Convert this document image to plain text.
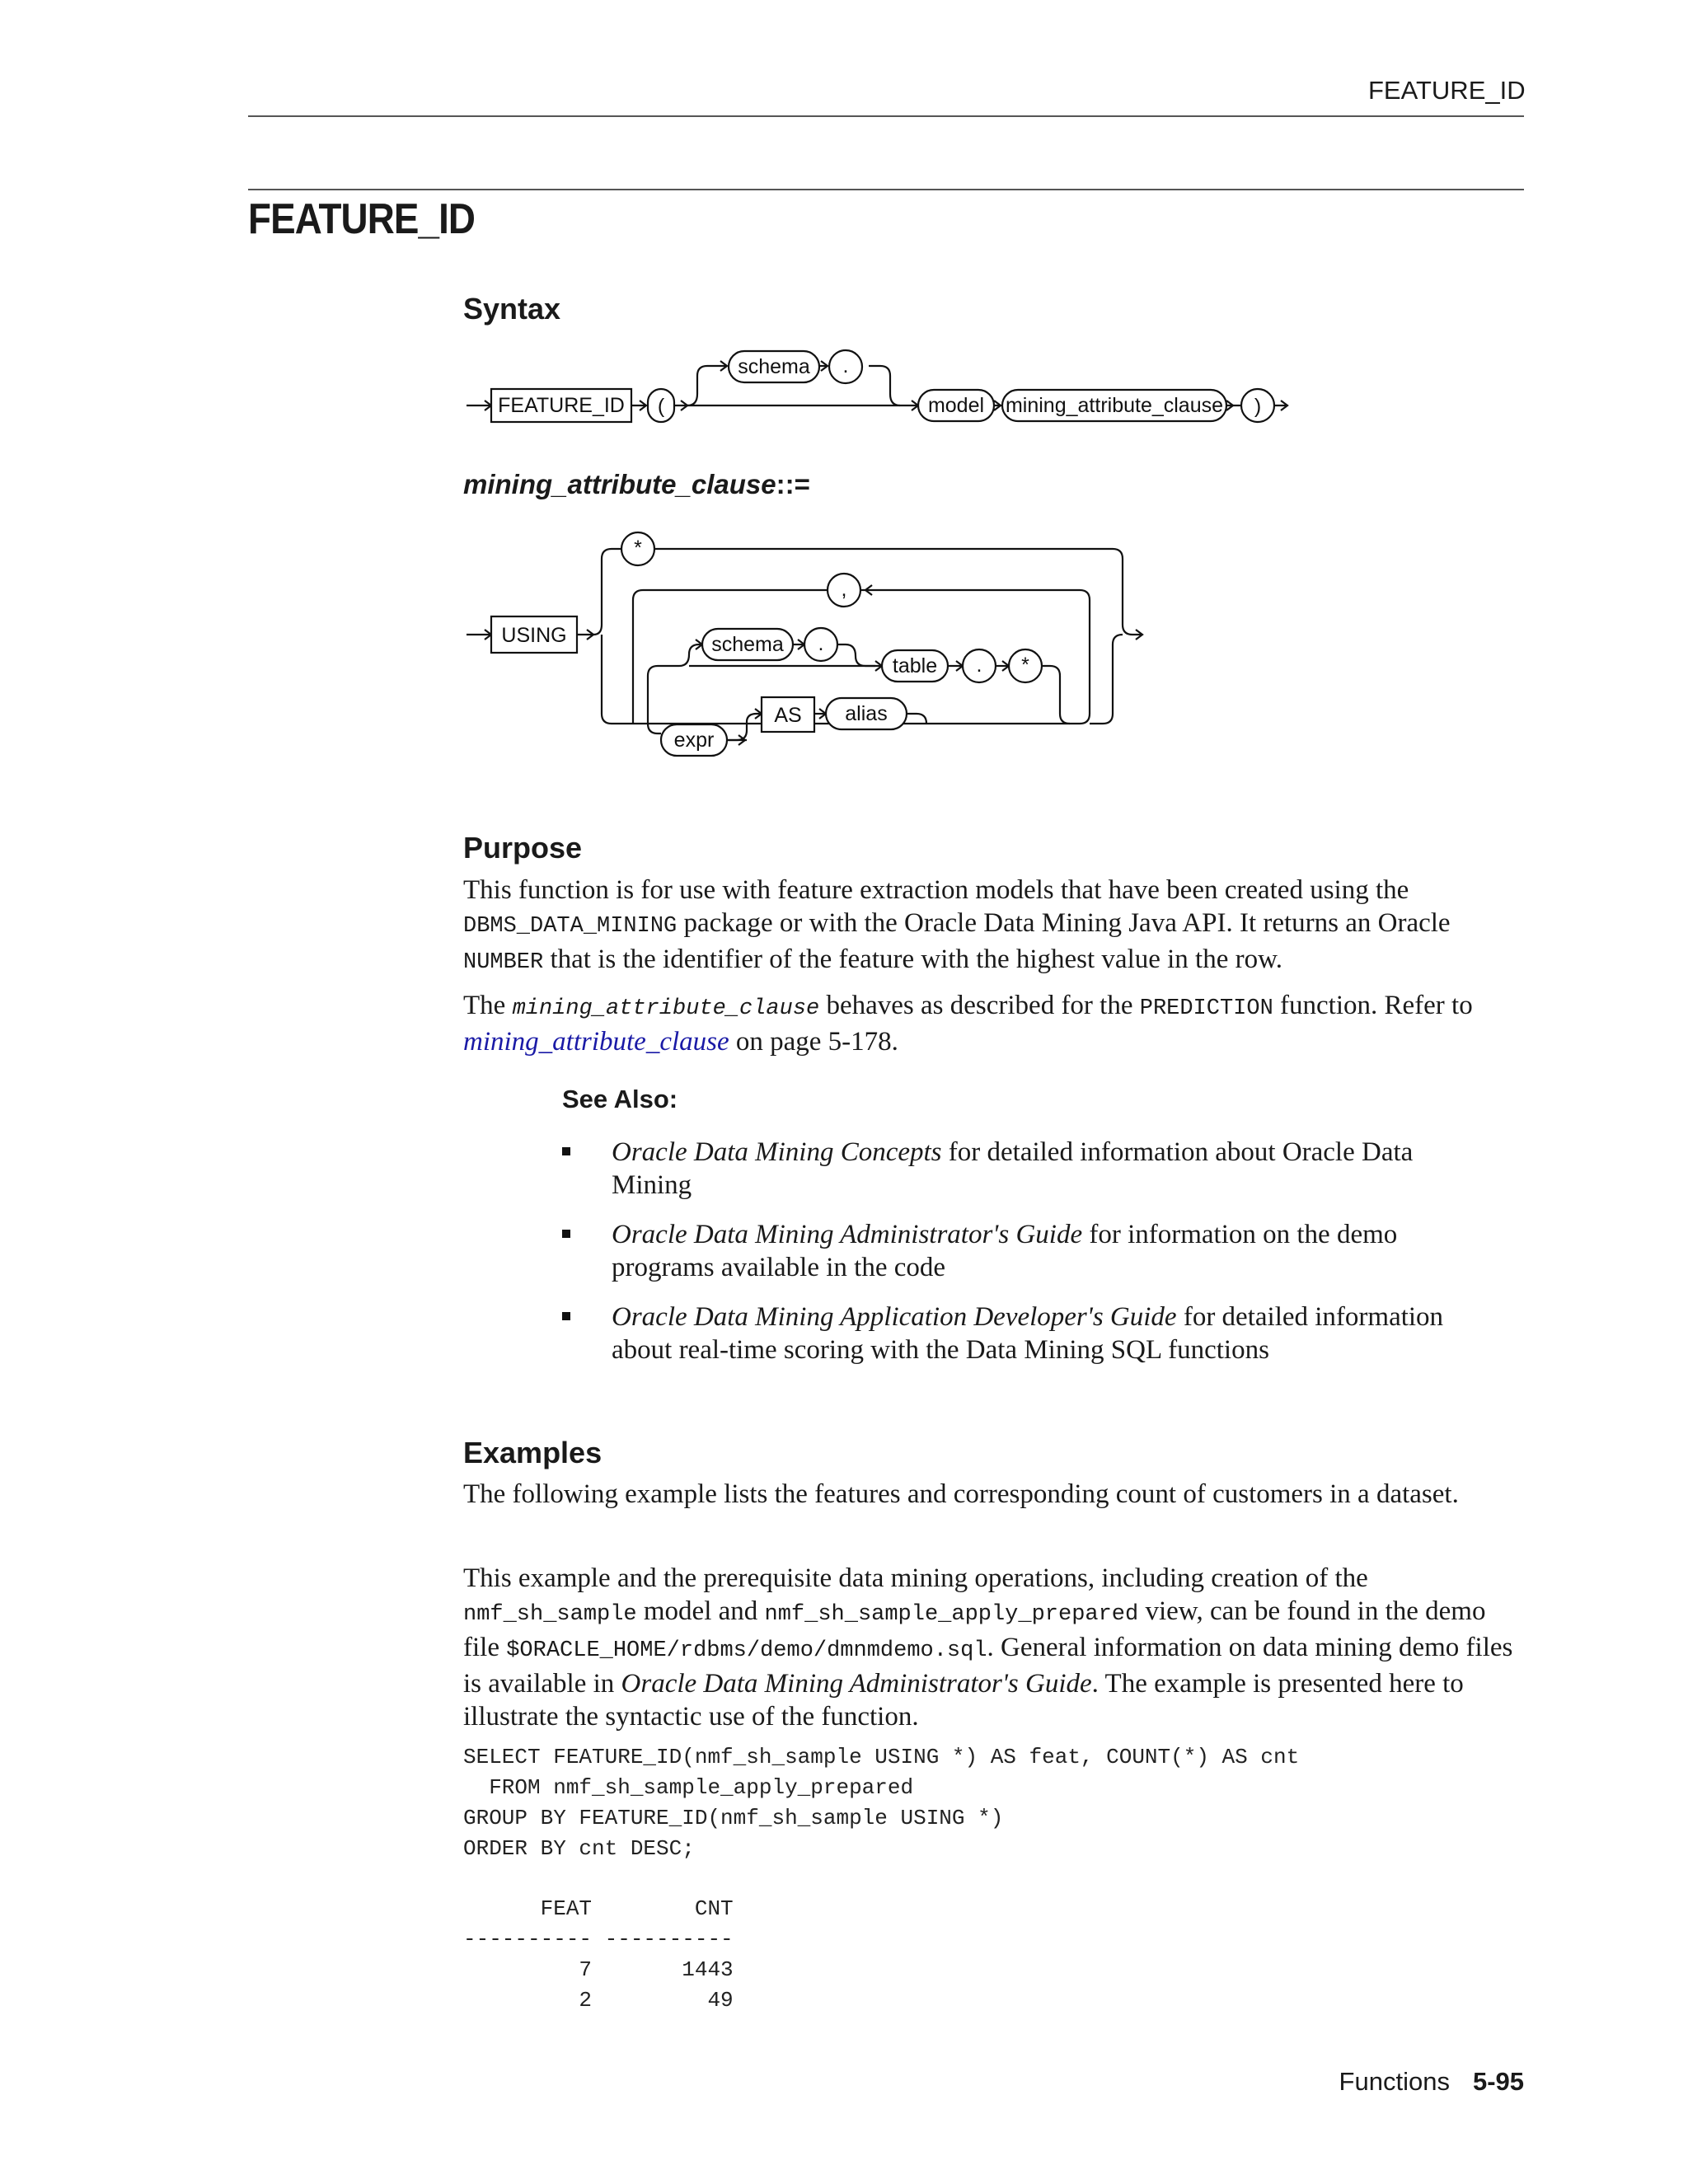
FEATURE_ID
FEATURE_ID
Syntax
FEATURE_ID (
schema .
model mining_attribute_clause )
mining_attribute_clause::=
USING
*
,
schema .
table . *
AS alias
expr
Purpose
This function is for use with feature extraction models that have been created using the DBMS_DATA_MINING package or with the Oracle Data Mining Java API. It returns an Oracle NUMBER that is the identifier of the feature with the highest value in the row.
The mining_attribute_clause behaves as described for the PREDICTION function. Refer to mining_attribute_clause on page 5-178.
See Also:
Oracle Data Mining Concepts for detailed information about Oracle Data Mining
Oracle Data Mining Administrator's Guide for information on the demo programs available in the code
Oracle Data Mining Application Developer's Guide for detailed information about real-time scoring with the Data Mining SQL functions
Examples
The following example lists the features and corresponding count of customers in a dataset.
This example and the prerequisite data mining operations, including creation of the nmf_sh_sample model and nmf_sh_sample_apply_prepared view, can be found in the demo file $ORACLE_HOME/rdbms/demo/dmnmdemo.sql. General information on data mining demo files is available in Oracle Data Mining Administrator's Guide. The example is presented here to illustrate the syntactic use of the function.
SELECT FEATURE_ID(nmf_sh_sample USING *) AS feat, COUNT(*) AS cnt
FROM nmf_sh_sample_apply_prepared
GROUP BY FEATURE_ID(nmf_sh_sample USING *)
ORDER BY cnt DESC;
FEAT        CNT
---------- ----------
7       1443
2         49
Functions 5-95
